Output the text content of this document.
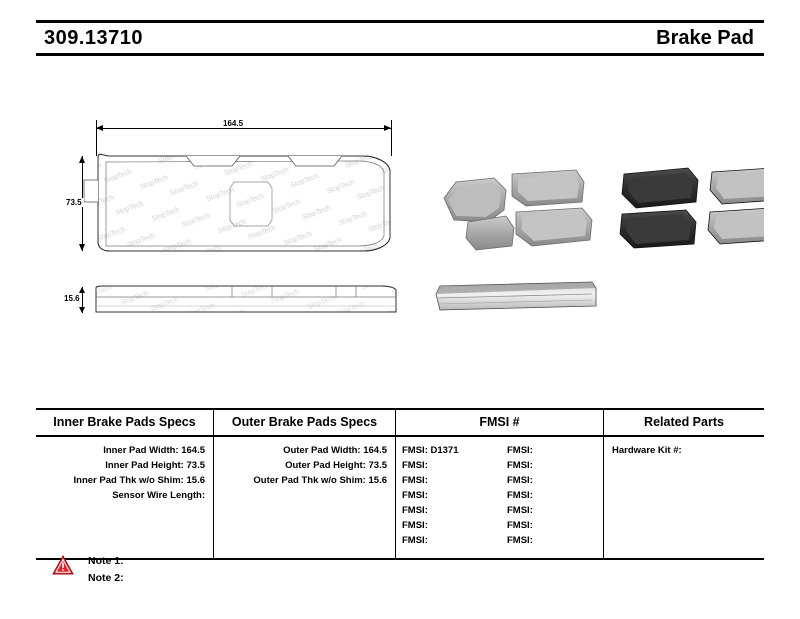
309.13710	Brake Pad
164.5
73.5
15.6
Inner Brake Pads Specs
Inner Pad Width: 164.5
Inner Pad Height: 73.5
Inner Pad Thk w/o Shim: 15.6
Sensor Wire Length:
Outer Brake Pads Specs
Outer Pad Width: 164.5
Outer Pad Height: 73.5
Outer Pad Thk w/o Shim: 15.6
FMSI #
FMSI: D1371	FMSI:
FMSI:	FMSI:
FMSI:	FMSI:
FMSI:	FMSI:
FMSI:	FMSI:
FMSI:	FMSI:
FMSI:	FMSI:
Related Parts
Hardware Kit #:
Note 1:
Note 2:
